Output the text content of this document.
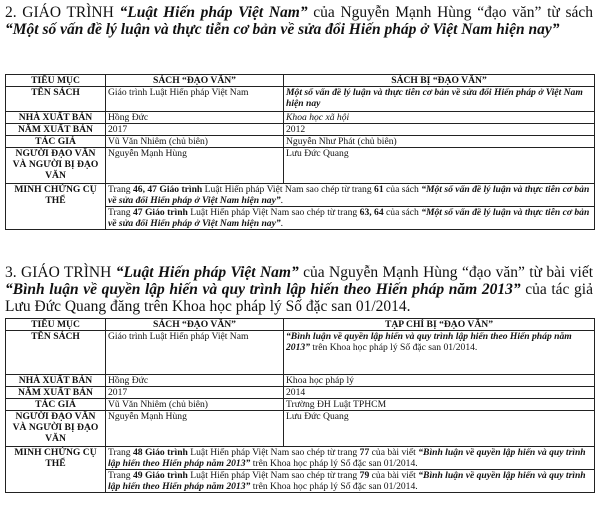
2. GIÁO TRÌNH “Luật Hiến pháp Việt Nam” của Nguyễn Mạnh Hùng “đạo văn” từ sách “Một số vấn đề lý luận và thực tiễn cơ bản về sửa đổi Hiến pháp ở Việt Nam hiện nay”
TIÊU MỤC	SÁCH “ĐẠO VĂN”	SÁCH BỊ “ĐẠO VĂN”
TÊN SÁCH	Giáo trình Luật Hiến pháp Việt Nam	Một số vấn đề lý luận và thực tiễn cơ bản về sửa đổi Hiến pháp ở Việt Nam hiện nay
NHÀ XUẤT BẢN	Hồng Đức	Khoa học xã hội
NĂM XUẤT BẢN	2017	2012
TÁC GIẢ	Vũ Văn Nhiêm (chủ biên)	Nguyễn Như Phát (chủ biên)
NGƯỜI ĐẠO VĂN VÀ NGƯỜI BỊ ĐẠO VĂN	Nguyễn Mạnh Hùng	Lưu Đức Quang
MINH CHỨNG CỤ THỂ	Trang 46, 47 Giáo trình Luật Hiến pháp Việt Nam sao chép từ trang 61 của sách “Một số vấn đề lý luận và thực tiễn cơ bản về sửa đổi Hiến pháp ở Việt Nam hiện nay”.	
	Trang 47 Giáo trình Luật Hiến pháp Việt Nam sao chép từ trang 63, 64 của sách “Một số vấn đề lý luận và thực tiễn cơ bản về sửa đổi Hiến pháp ở Việt Nam hiện nay”.	
3. GIÁO TRÌNH “Luật Hiến pháp Việt Nam” của Nguyễn Mạnh Hùng “đạo văn” từ bài viết “Bình luận về quyền lập hiến và quy trình lập hiến theo Hiến pháp năm 2013” của tác giả Lưu Đức Quang đăng trên Khoa học pháp lý Số đặc san 01/2014.
TIÊU MỤC	SÁCH “ĐẠO VĂN”	TẠP CHÍ BỊ “ĐẠO VĂN”
TÊN SÁCH	Giáo trình Luật Hiến pháp Việt Nam	“Bình luận về quyền lập hiến và quy trình lập hiến theo Hiến pháp năm 2013” trên Khoa học pháp lý Số đặc san 01/2014.
NHÀ XUẤT BẢN	Hồng Đức	Khoa học pháp lý
NĂM XUẤT BẢN	2017	2014
TÁC GIẢ	Vũ Văn Nhiêm (chủ biên)	Trường ĐH Luật TPHCM
NGƯỜI ĐẠO VĂN VÀ NGƯỜI BỊ ĐẠO VĂN	Nguyễn Mạnh Hùng	Lưu Đức Quang
MINH CHỨNG CỤ THỂ	Trang 48 Giáo trình Luật Hiến pháp Việt Nam sao chép từ trang 77 của bài viết “Bình luận về quyền lập hiến và quy trình lập hiến theo Hiến pháp năm 2013” trên Khoa học pháp lý Số đặc san 01/2014.	
	Trang 49 Giáo trình Luật Hiến pháp Việt Nam sao chép từ trang 79 của bài viết “Bình luận về quyền lập hiến và quy trình lập hiến theo Hiến pháp năm 2013” trên Khoa học pháp lý Số đặc san 01/2014.	
